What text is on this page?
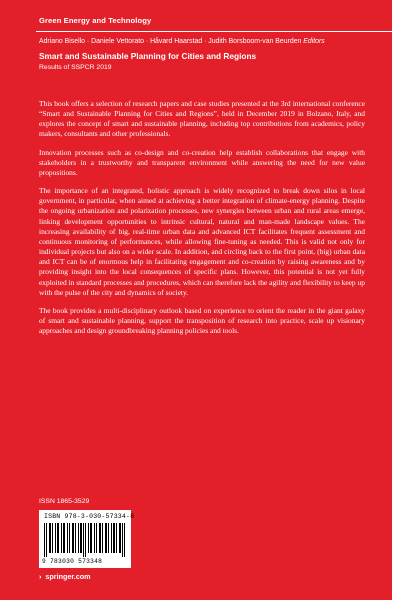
Green Energy and Technology
Adriano Bisello · Daniele Vettorato · Håvard Haarstad · Judith Borsboom-van Beurden Editors
Smart and Sustainable Planning for Cities and Regions
Results of SSPCR 2019

This book offers a selection of research papers and case studies presented at the 3rd international conference “Smart and Sustainable Planning for Cities and Regions”, held in December 2019 in Bolzano, Italy, and explores the concept of smart and sustainable planning, including top contributions from academics, policy makers, consultants and other professionals.

Innovation processes such as co-design and co-creation help establish collaborations that engage with stakeholders in a trustworthy and transparent environment while answering the need for new value propositions.

The importance of an integrated, holistic approach is widely recognized to break down silos in local government, in particular, when aimed at achieving a better integration of climate-energy planning. Despite the ongoing urbanization and polarization processes, new synergies between urban and rural areas emerge, linking development opportunities to intrinsic cultural, natural and man-made landscape values. The increasing availability of big, real-time urban data and advanced ICT facilitates frequent assessment and continuous monitoring of performances, while allowing fine-tuning as needed. This is valid not only for individual projects but also on a wider scale. In addition, and circling back to the first point, (big) urban data and ICT can be of enormous help in facilitating engagement and co-creation by raising awareness and by providing insight into the local consequences of specific plans. However, this potential is not yet fully exploited in standard processes and procedures, which can therefore lack the agility and flexibility to keep up with the pulse of the city and dynamics of society.

The book provides a multi-disciplinary outlook based on experience to orient the reader in the giant galaxy of smart and sustainable planning, support the transposition of research into practice, scale up visionary approaches and design groundbreaking planning policies and tools.

ISSN 1865-3529
ISBN 978-3-030-57334-8
9 783030 573348
› springer.com
